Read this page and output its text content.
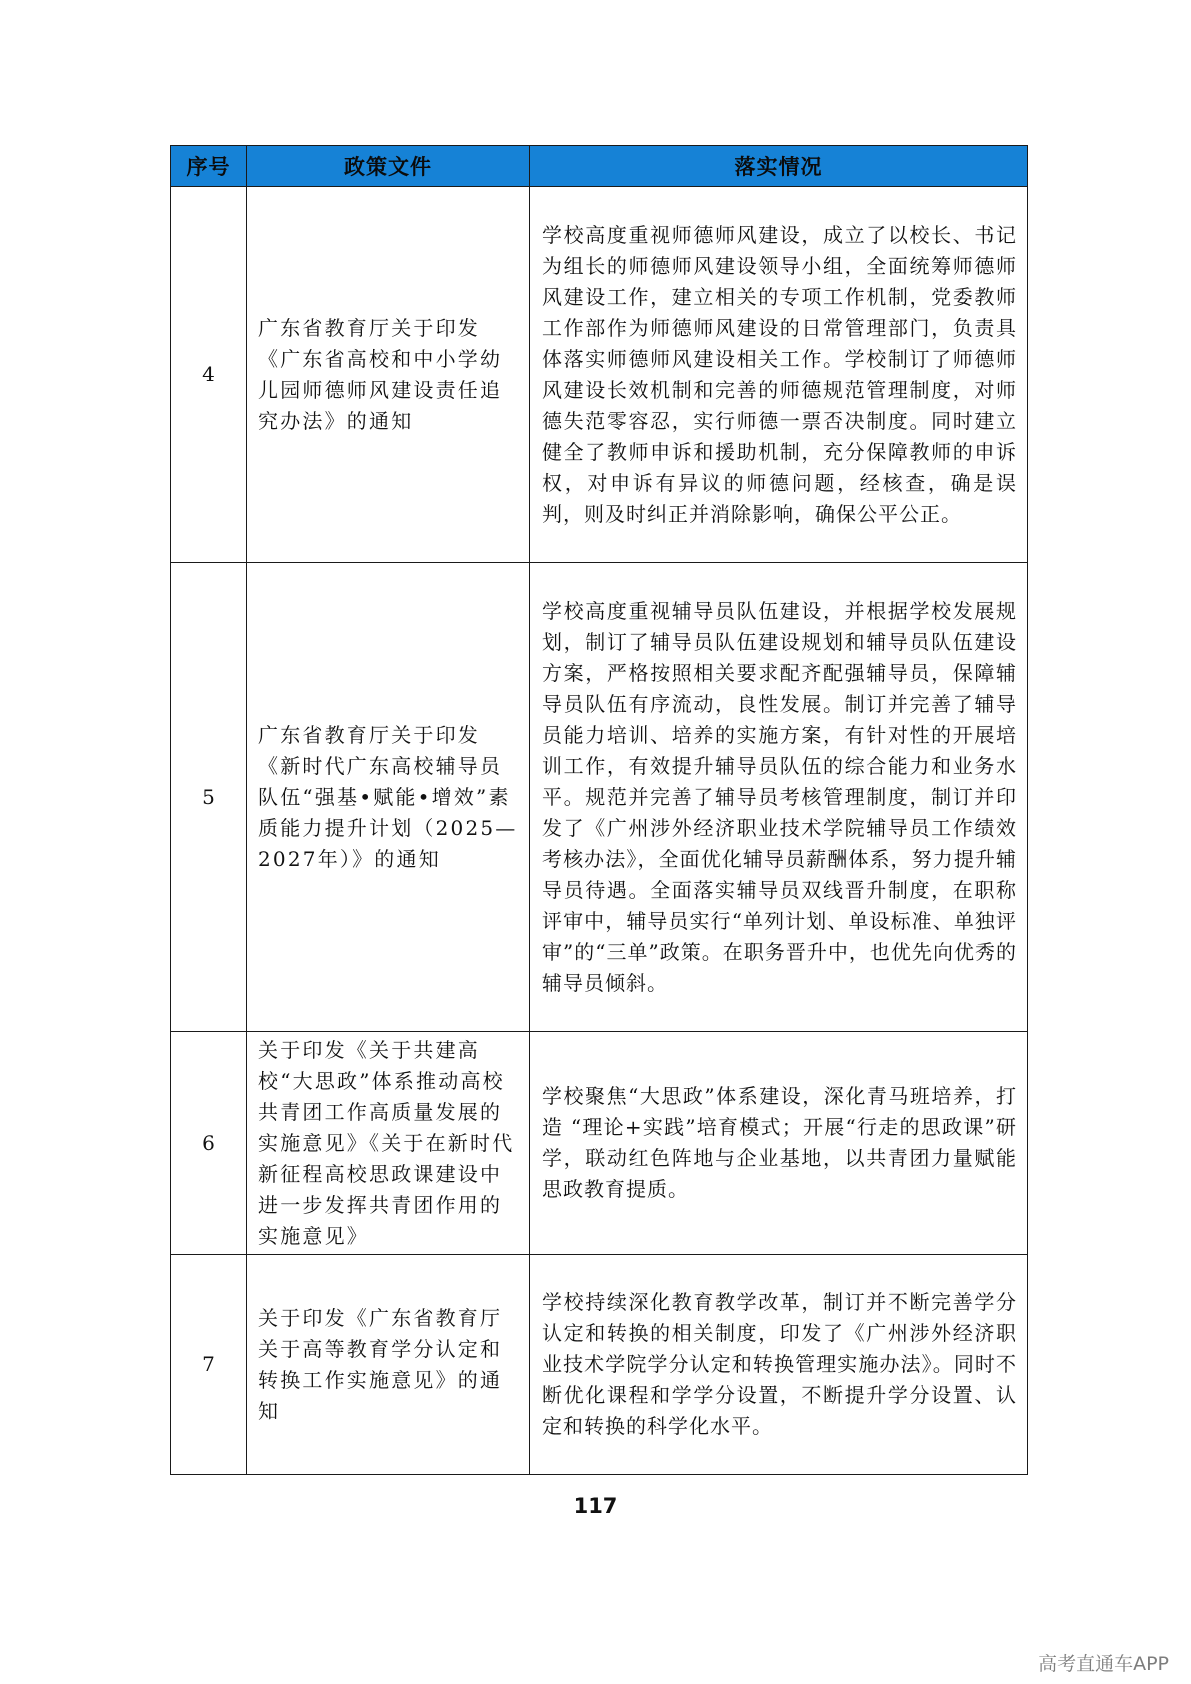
序号	政策文件	落实情况
4	广东省教育厅关于印发《广东省高校和中小学幼儿园师德师风建设责任追究办法》的通知	学校高度重视师德师风建设，成立了以校长、书记为组长的师德师风建设领导小组，全面统筹师德师风建设工作，建立相关的专项工作机制，党委教师工作部作为师德师风建设的日常管理部门，负责具体落实师德师风建设相关工作。学校制订了师德师风建设长效机制和完善的师德规范管理制度，对师德失范零容忍，实行师德一票否决制度。同时建立健全了教师申诉和援助机制，充分保障教师的申诉权，对申诉有异议的师德问题，经核查，确是误判，则及时纠正并消除影响，确保公平公正。
5	广东省教育厅关于印发《新时代广东高校辅导员队伍“强基•赋能•增效”素质能力提升计划（2025—2027年）》的通知	学校高度重视辅导员队伍建设，并根据学校发展规划，制订了辅导员队伍建设规划和辅导员队伍建设方案，严格按照相关要求配齐配强辅导员，保障辅导员队伍有序流动，良性发展。制订并完善了辅导员能力培训、培养的实施方案，有针对性的开展培训工作，有效提升辅导员队伍的综合能力和业务水平。规范并完善了辅导员考核管理制度，制订并印发了《广州涉外经济职业技术学院辅导员工作绩效考核办法》，全面优化辅导员薪酬体系，努力提升辅导员待遇。全面落实辅导员双线晋升制度，在职称评审中，辅导员实行“单列计划、单设标准、单独评审”的“三单”政策。在职务晋升中，也优先向优秀的辅导员倾斜。
6	关于印发《关于共建高校“大思政”体系推动高校共青团工作高质量发展的实施意见》《关于在新时代新征程高校思政课建设中进一步发挥共青团作用的实施意见》	学校聚焦“大思政”体系建设，深化青马班培养，打造 “理论+实践”培育模式；开展“行走的思政课”研学，联动红色阵地与企业基地，以共青团力量赋能思政教育提质。
7	关于印发《广东省教育厅关于高等教育学分认定和转换工作实施意见》的通知	学校持续深化教育教学改革，制订并不断完善学分认定和转换的相关制度，印发了《广州涉外经济职业技术学院学分认定和转换管理实施办法》。同时不断优化课程和学学分设置，不断提升学分设置、认定和转换的科学化水平。
117
高考直通车APP
